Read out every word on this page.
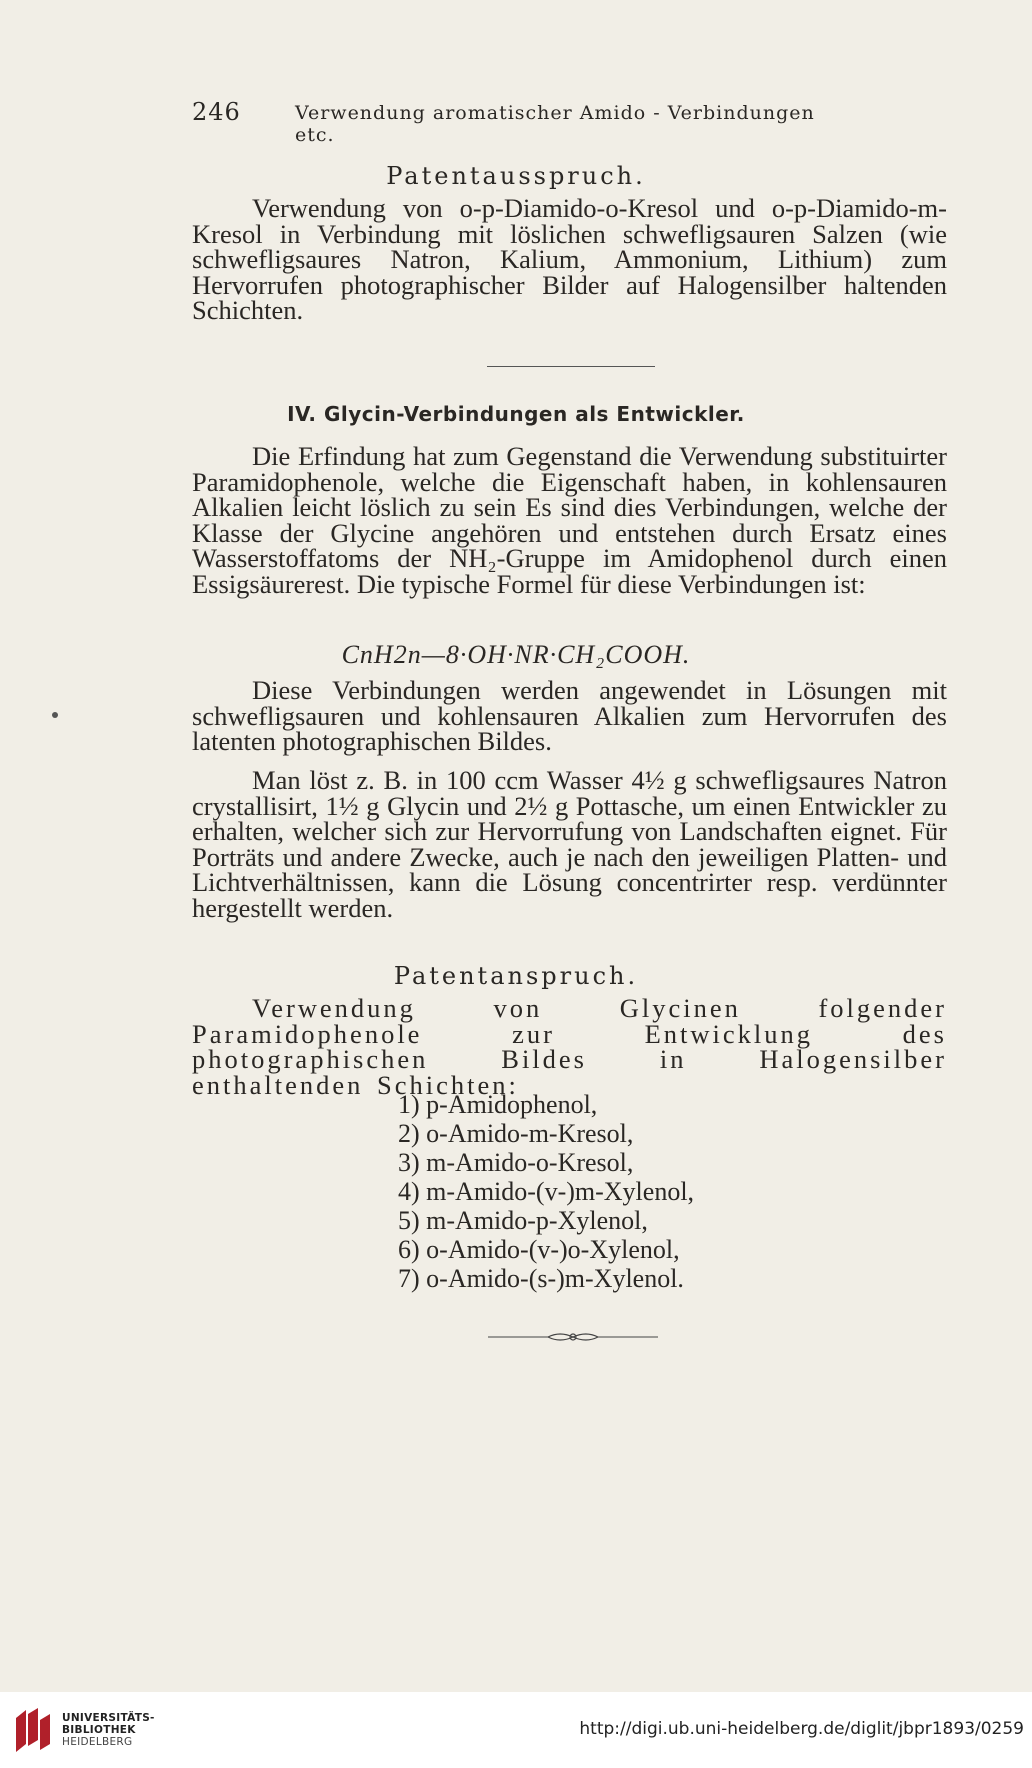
246	Verwendung aromatischer Amido - Verbindungen etc.
Patentausspruch.

Verwendung von o-p-Diamido-o-Kresol und o-p-Diamido-m-Kresol in Verbindung mit löslichen schwefligsauren Salzen (wie schwefligsaures Natron, Kalium, Ammonium, Lithium) zum Hervorrufen photographischer Bilder auf Halogensilber haltenden Schichten.

IV. Glycin-Verbindungen als Entwickler.

Die Erfindung hat zum Gegenstand die Verwendung substituirter Paramidophenole, welche die Eigenschaft haben, in kohlensauren Alkalien leicht löslich zu sein Es sind dies Verbindungen, welche der Klasse der Glycine angehören und entstehen durch Ersatz eines Wasserstoffatoms der NH₂-Gruppe im Amidophenol durch einen Essigsäurerest. Die typische Formel für diese Verbindungen ist:

CnH2n—8·OH·NR·CH₂COOH.

Diese Verbindungen werden angewendet in Lösungen mit schwefligsauren und kohlensauren Alkalien zum Hervorrufen des latenten photographischen Bildes.

Man löst z. B. in 100 ccm Wasser 4½ g schwefligsaures Natron crystallisirt, 1½ g Glycin und 2½ g Pottasche, um einen Entwickler zu erhalten, welcher sich zur Hervorrufung von Landschaften eignet. Für Porträts und andere Zwecke, auch je nach den jeweiligen Platten- und Lichtverhältnissen, kann die Lösung concentrirter resp. verdünnter hergestellt werden.

Patentanspruch.

Verwendung von Glycinen folgender Paramidophenole zur Entwicklung des photographischen Bildes in Halogensilber enthaltenden Schichten:

1) p-Amidophenol,
2) o-Amido-m-Kresol,
3) m-Amido-o-Kresol,
4) m-Amido-(v-)m-Xylenol,
5) m-Amido-p-Xylenol,
6) o-Amido-(v-)o-Xylenol,
7) o-Amido-(s-)m-Xylenol.
UNIVERSITÄTS-
BIBLIOTHEK
HEIDELBERG
http://digi.ub.uni-heidelberg.de/diglit/jbpr1893/0259
